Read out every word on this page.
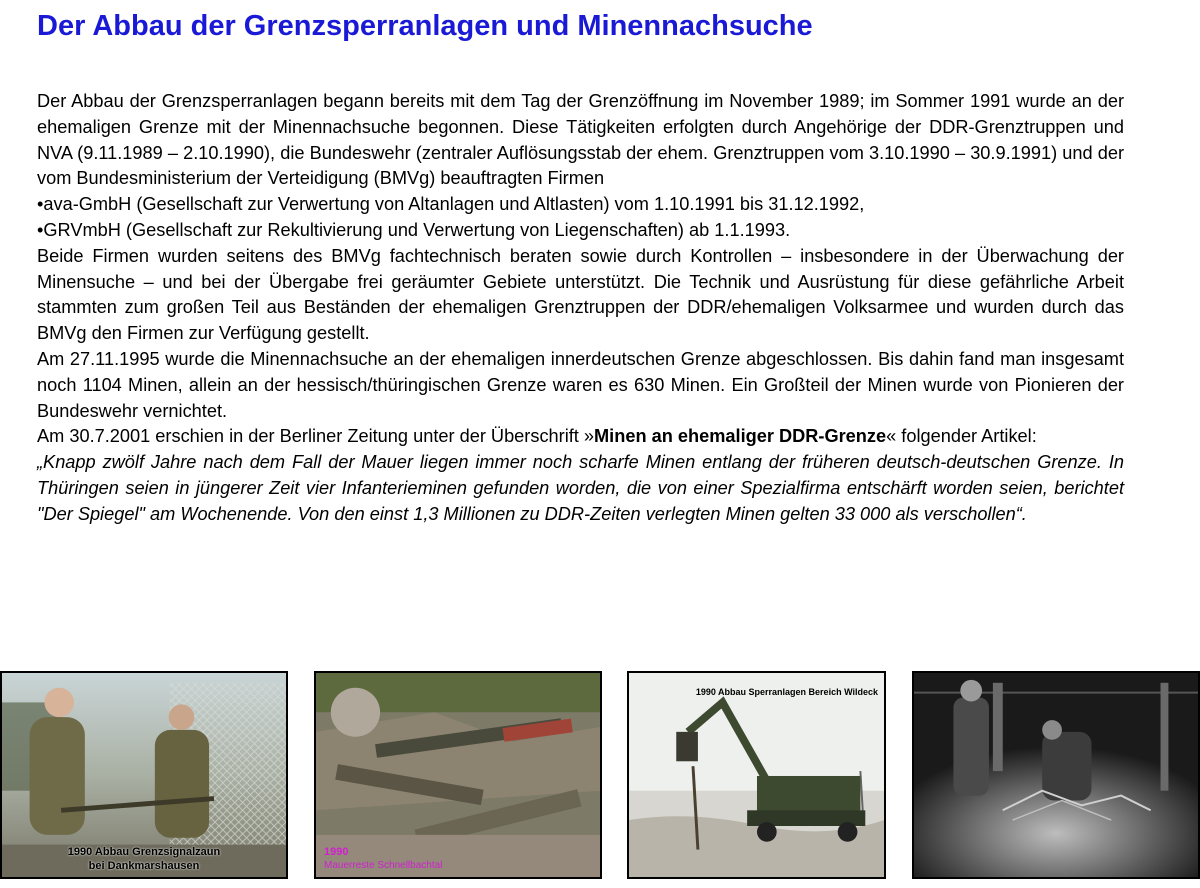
Der Abbau der Grenzsperranlagen und Minennachsuche

Der Abbau der Grenzsperranlagen begann bereits mit dem Tag der Grenzöffnung im November 1989; im Sommer 1991 wurde an der ehemaligen Grenze mit der Minennachsuche begonnen. Diese Tätigkeiten erfolgten durch Angehörige der DDR-Grenztruppen und NVA (9.11.1989 – 2.10.1990), die Bundeswehr (zentraler Auflösungsstab der ehem. Grenztruppen vom 3.10.1990 – 30.9.1991) und der vom Bundesministerium der Verteidigung (BMVg) beauftragten Firmen

•ava-GmbH (Gesellschaft zur Verwertung von Altanlagen und Altlasten) vom 1.10.1991 bis 31.12.1992,

•GRVmbH (Gesellschaft zur Rekultivierung und Verwertung von Liegenschaften) ab 1.1.1993.

Beide Firmen wurden seitens des BMVg fachtechnisch beraten sowie durch Kontrollen – insbesondere in der Überwachung der Minensuche – und bei der Übergabe frei geräumter Gebiete unterstützt. Die Technik und Ausrüstung für diese gefährliche Arbeit stammten zum großen Teil aus Beständen der ehemaligen Grenztruppen der DDR/ehemaligen Volksarmee und wurden durch das BMVg den Firmen zur Verfügung gestellt.

Am 27.11.1995 wurde die Minennachsuche an der ehemaligen innerdeutschen Grenze abgeschlossen. Bis dahin fand man insgesamt noch 1104 Minen, allein an der hessisch/thüringischen Grenze waren es 630 Minen. Ein Großteil der Minen wurde von Pionieren der Bundeswehr vernichtet.

Am 30.7.2001 erschien in der Berliner Zeitung unter der Überschrift »Minen an ehemaliger DDR-Grenze« folgender Artikel:

„Knapp zwölf Jahre nach dem Fall der Mauer liegen immer noch scharfe Minen entlang der früheren deutsch-deutschen Grenze. In Thüringen seien in jüngerer Zeit vier Infanterieminen gefunden worden, die von einer Spezialfirma entschärft worden seien, berichtet "Der Spiegel" am Wochenende. Von den einst 1,3 Millionen zu DDR-Zeiten verlegten Minen gelten 33 000 als verschollen“.

1990 Abbau Grenzsignalzaun
bei Dankmarshausen
1990
Mauerreste Schnellbachtal
1990 Abbau Sperranlagen Bereich Wildeck
